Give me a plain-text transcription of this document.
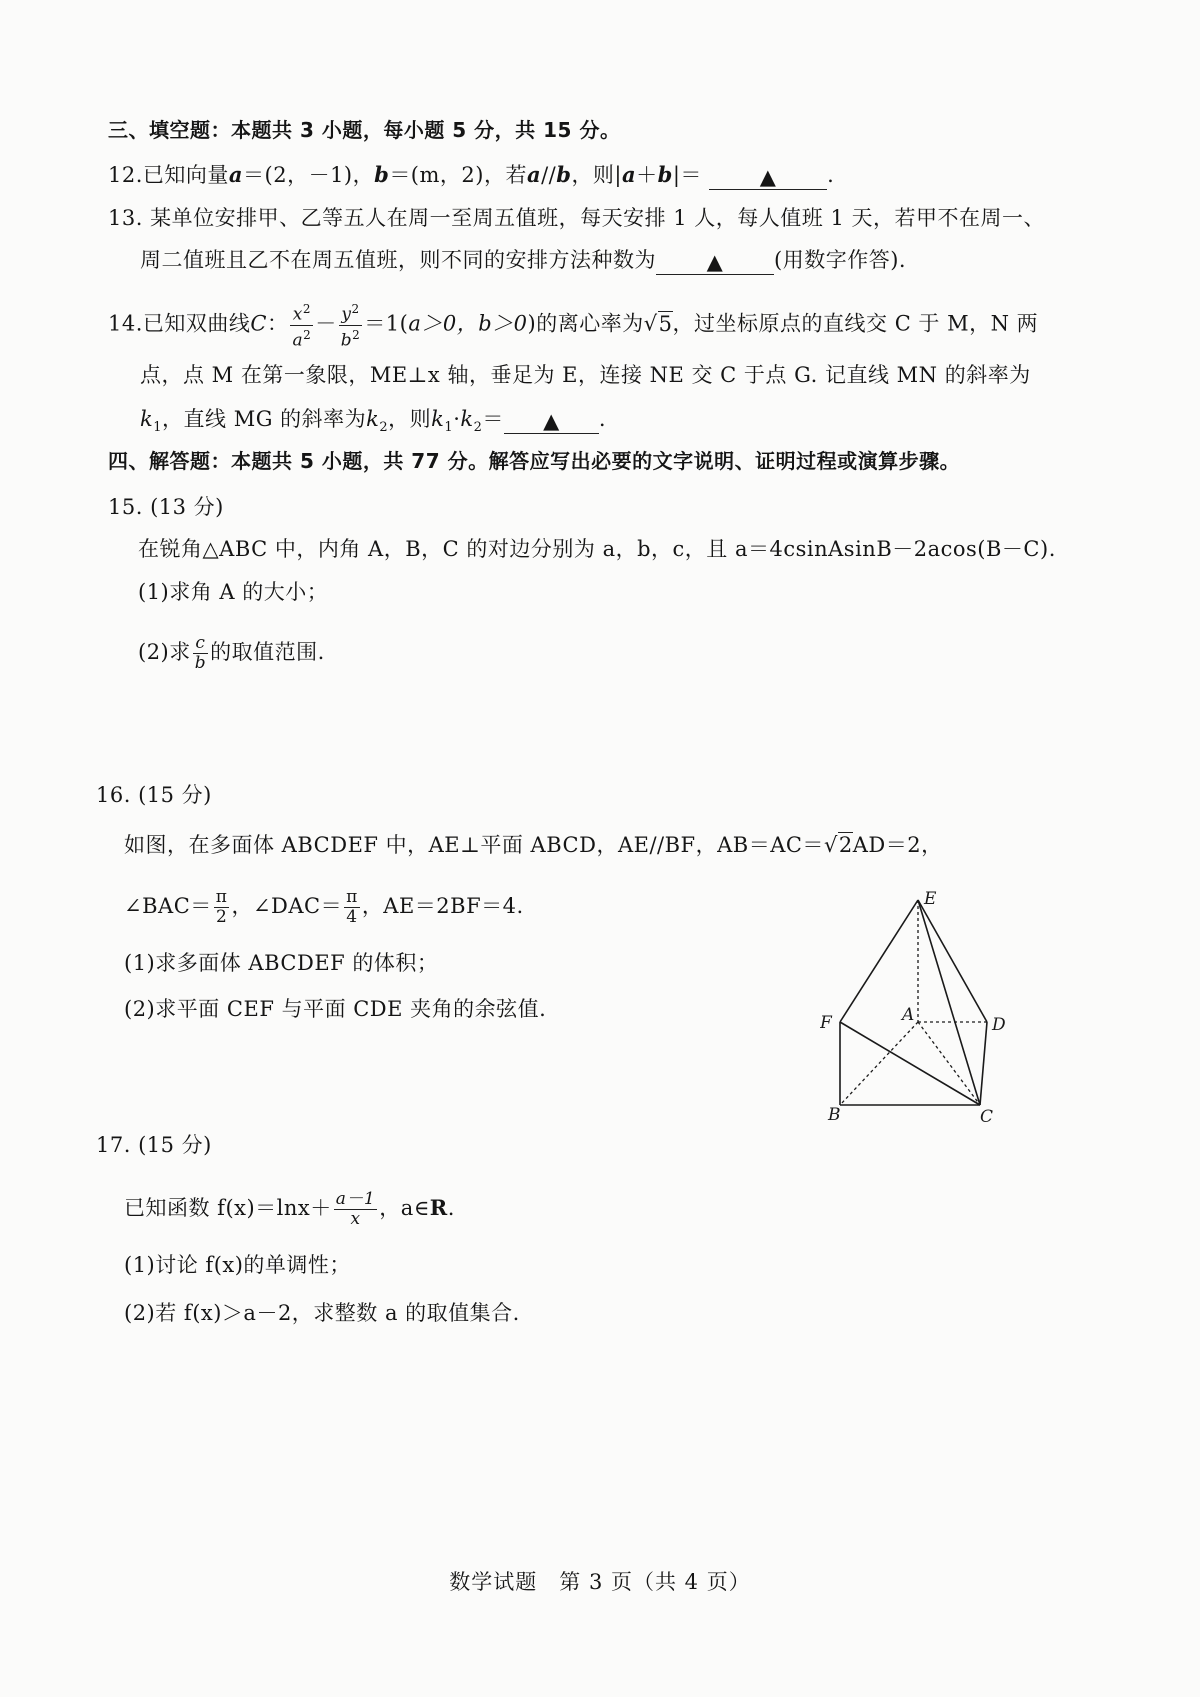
三、填空题：本题共 3 小题，每小题 5 分，共 15 分。
12.已知向量a＝(2，－1)，b＝(m，2)，若a//b，则|a＋b|＝	▲ .
13. 某单位安排甲、乙等五人在周一至周五值班，每天安排 1 人，每人值班 1 天，若甲不在周一、
周二值班且乙不在周五值班，则不同的安排方法种数为 ▲ (用数字作答).
14.已知双曲线C： $\frac{x^2}{a^2} - \frac{y^2}{b^2} =1(a>0$，b＞0)的离心率为√5，过坐标原点的直线交 C 于 M，N 两
点，点 M 在第一象限，ME⊥x 轴，垂足为 E，连接 NE 交 C 于点 G. 记直线 MN 的斜率为
$k_1$，直线 MG 的斜率为$k_2$，则$k_1\cdot k_2=$ ▲ .
四、解答题：本题共 5 小题，共 77 分。解答应写出必要的文字说明、证明过程或演算步骤。
15. (13 分)
在锐角△ABC 中，内角 A，B，C 的对边分别为 a，b，c，且 a＝4csinAsinB－2acos(B－C).
(1)求角 A 的大小；
(2)求 $\frac{c}{b}$ 的取值范围.
16. (15 分)
如图，在多面体 ABCDEF 中，AE⊥平面 ABCD，AE//BF，AB＝AC＝√2AD＝2，
∠BAC＝ $\frac{\pi}{2}$ ，∠DAC＝ $\frac{\pi}{4}$ ，AE＝2BF＝4.
(1)求多面体 ABCDEF 的体积；
(2)求平面 CEF 与平面 CDE 夹角的余弦值.
E
F	A	D
B	C
17. (15 分)
已知函数 $f(x)=\ln x+ \frac{a-1}{x}$ ，a∈R.
(1)讨论 f(x)的单调性；
(2)若 f(x)＞a－2，求整数 a 的取值集合.
数学试题　第 3 页（共 4 页）
